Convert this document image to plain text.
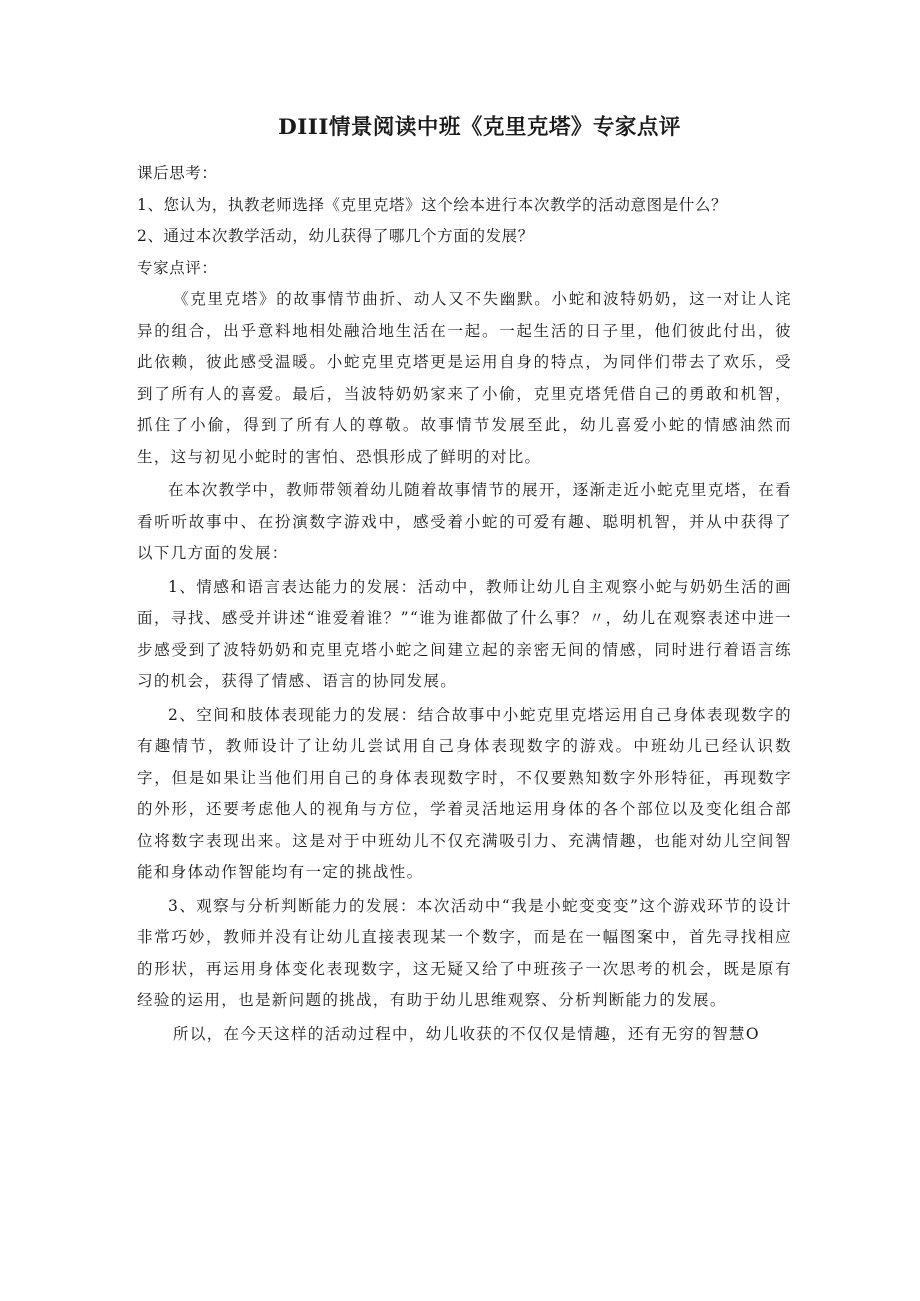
DIII情景阅读中班《克里克塔》专家点评

课后思考：

1、您认为，执教老师选择《克里克塔》这个绘本进行本次教学的活动意图是什么？

2、通过本次教学活动，幼儿获得了哪几个方面的发展？

专家点评：

《克里克塔》的故事情节曲折、动人又不失幽默。小蛇和波特奶奶，这一对让人诧异的组合，出乎意料地相处融洽地生活在一起。一起生活的日子里，他们彼此付出，彼此依赖，彼此感受温暖。小蛇克里克塔更是运用自身的特点，为同伴们带去了欢乐，受到了所有人的喜爱。最后，当波特奶奶家来了小偷，克里克塔凭借自己的勇敢和机智，抓住了小偷，得到了所有人的尊敬。故事情节发展至此，幼儿喜爱小蛇的情感油然而生，这与初见小蛇时的害怕、恐惧形成了鲜明的对比。

在本次教学中，教师带领着幼儿随着故事情节的展开，逐渐走近小蛇克里克塔，在看看听听故事中、在扮演数字游戏中，感受着小蛇的可爱有趣、聪明机智，并从中获得了以下几方面的发展：

1、情感和语言表达能力的发展：活动中，教师让幼儿自主观察小蛇与奶奶生活的画面，寻找、感受并讲述“谁爱着谁？”“谁为谁都做了什么事？〃，幼儿在观察表述中进一步感受到了波特奶奶和克里克塔小蛇之间建立起的亲密无间的情感，同时进行着语言练习的机会，获得了情感、语言的协同发展。

2、空间和肢体表现能力的发展：结合故事中小蛇克里克塔运用自己身体表现数字的有趣情节，教师设计了让幼儿尝试用自己身体表现数字的游戏。中班幼儿已经认识数字，但是如果让当他们用自己的身体表现数字时，不仅要熟知数字外形特征，再现数字的外形，还要考虑他人的视角与方位，学着灵活地运用身体的各个部位以及变化组合部位将数字表现出来。这是对于中班幼儿不仅充满吸引力、充满情趣，也能对幼儿空间智能和身体动作智能均有一定的挑战性。

3、观察与分析判断能力的发展：本次活动中“我是小蛇变变变”这个游戏环节的设计非常巧妙，教师并没有让幼儿直接表现某一个数字，而是在一幅图案中，首先寻找相应的形状，再运用身体变化表现数字，这无疑又给了中班孩子一次思考的机会，既是原有经验的运用，也是新问题的挑战，有助于幼儿思维观察、分析判断能力的发展。

所以，在今天这样的活动过程中，幼儿收获的不仅仅是情趣，还有无穷的智慧O
